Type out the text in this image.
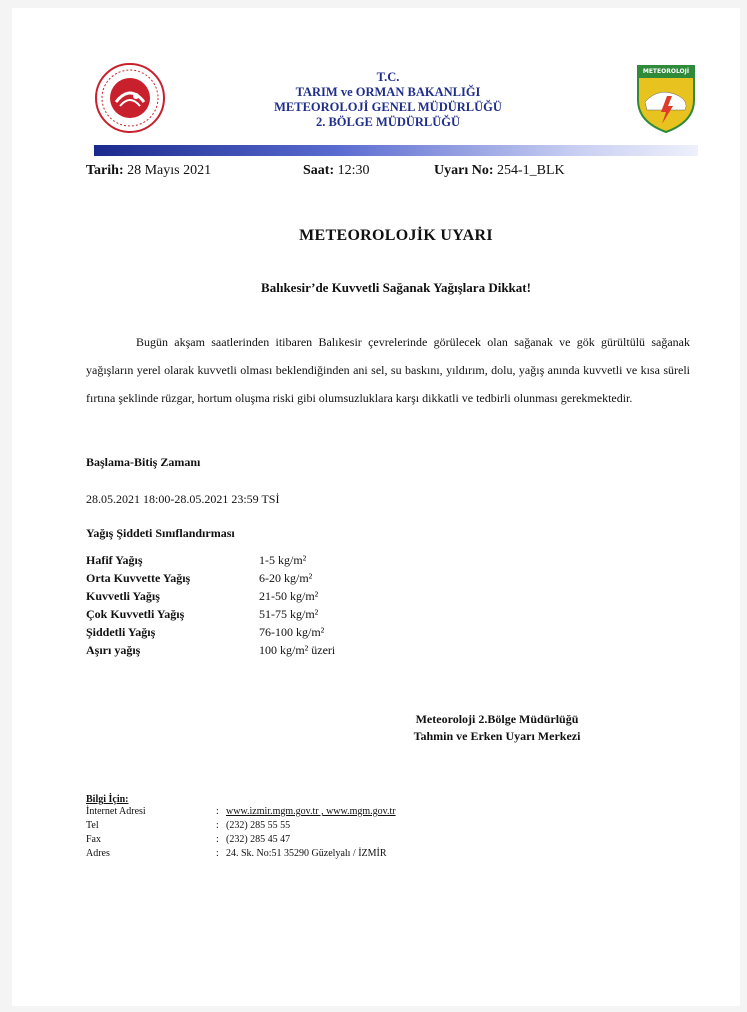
T.C.
TARIM ve ORMAN BAKANLIĞI
METEOROLOJİ GENEL MÜDÜRLÜĞÜ
2. BÖLGE MÜDÜRLÜĞÜ
METEOROLOJİ
Tarih: 28 Mayıs 2021	Saat: 12:30	Uyarı No: 254-1_BLK
METEOROLOJİK UYARI
Balıkesir’de Kuvvetli Sağanak Yağışlara Dikkat!
Bugün akşam saatlerinden itibaren Balıkesir çevrelerinde görülecek olan sağanak ve gök gürültülü sağanak yağışların yerel olarak kuvvetli olması beklendiğinden ani sel, su baskını, yıldırım, dolu, yağış anında kuvvetli ve kısa süreli fırtına şeklinde rüzgar, hortum oluşma riski gibi olumsuzluklara karşı dikkatli ve tedbirli olunması gerekmektedir.
Başlama-Bitiş Zamanı
28.05.2021 18:00-28.05.2021 23:59 TSİ
Yağış Şiddeti Sınıflandırması
Hafif Yağış	1-5 kg/m²
Orta Kuvvette Yağış	6-20 kg/m²
Kuvvetli Yağış	21-50 kg/m²
Çok Kuvvetli Yağış	51-75 kg/m²
Şiddetli Yağış	76-100 kg/m²
Aşırı yağış	100 kg/m² üzeri
Meteoroloji 2.Bölge Müdürlüğü
Tahmin ve Erken Uyarı Merkezi
Bilgi İçin:
İnternet Adresi	: www.izmir.mgm.gov.tr , www.mgm.gov.tr
Tel	: (232) 285 55 55
Fax	: (232) 285 45 47
Adres	: 24. Sk. No:51 35290 Güzelyalı / İZMİR
